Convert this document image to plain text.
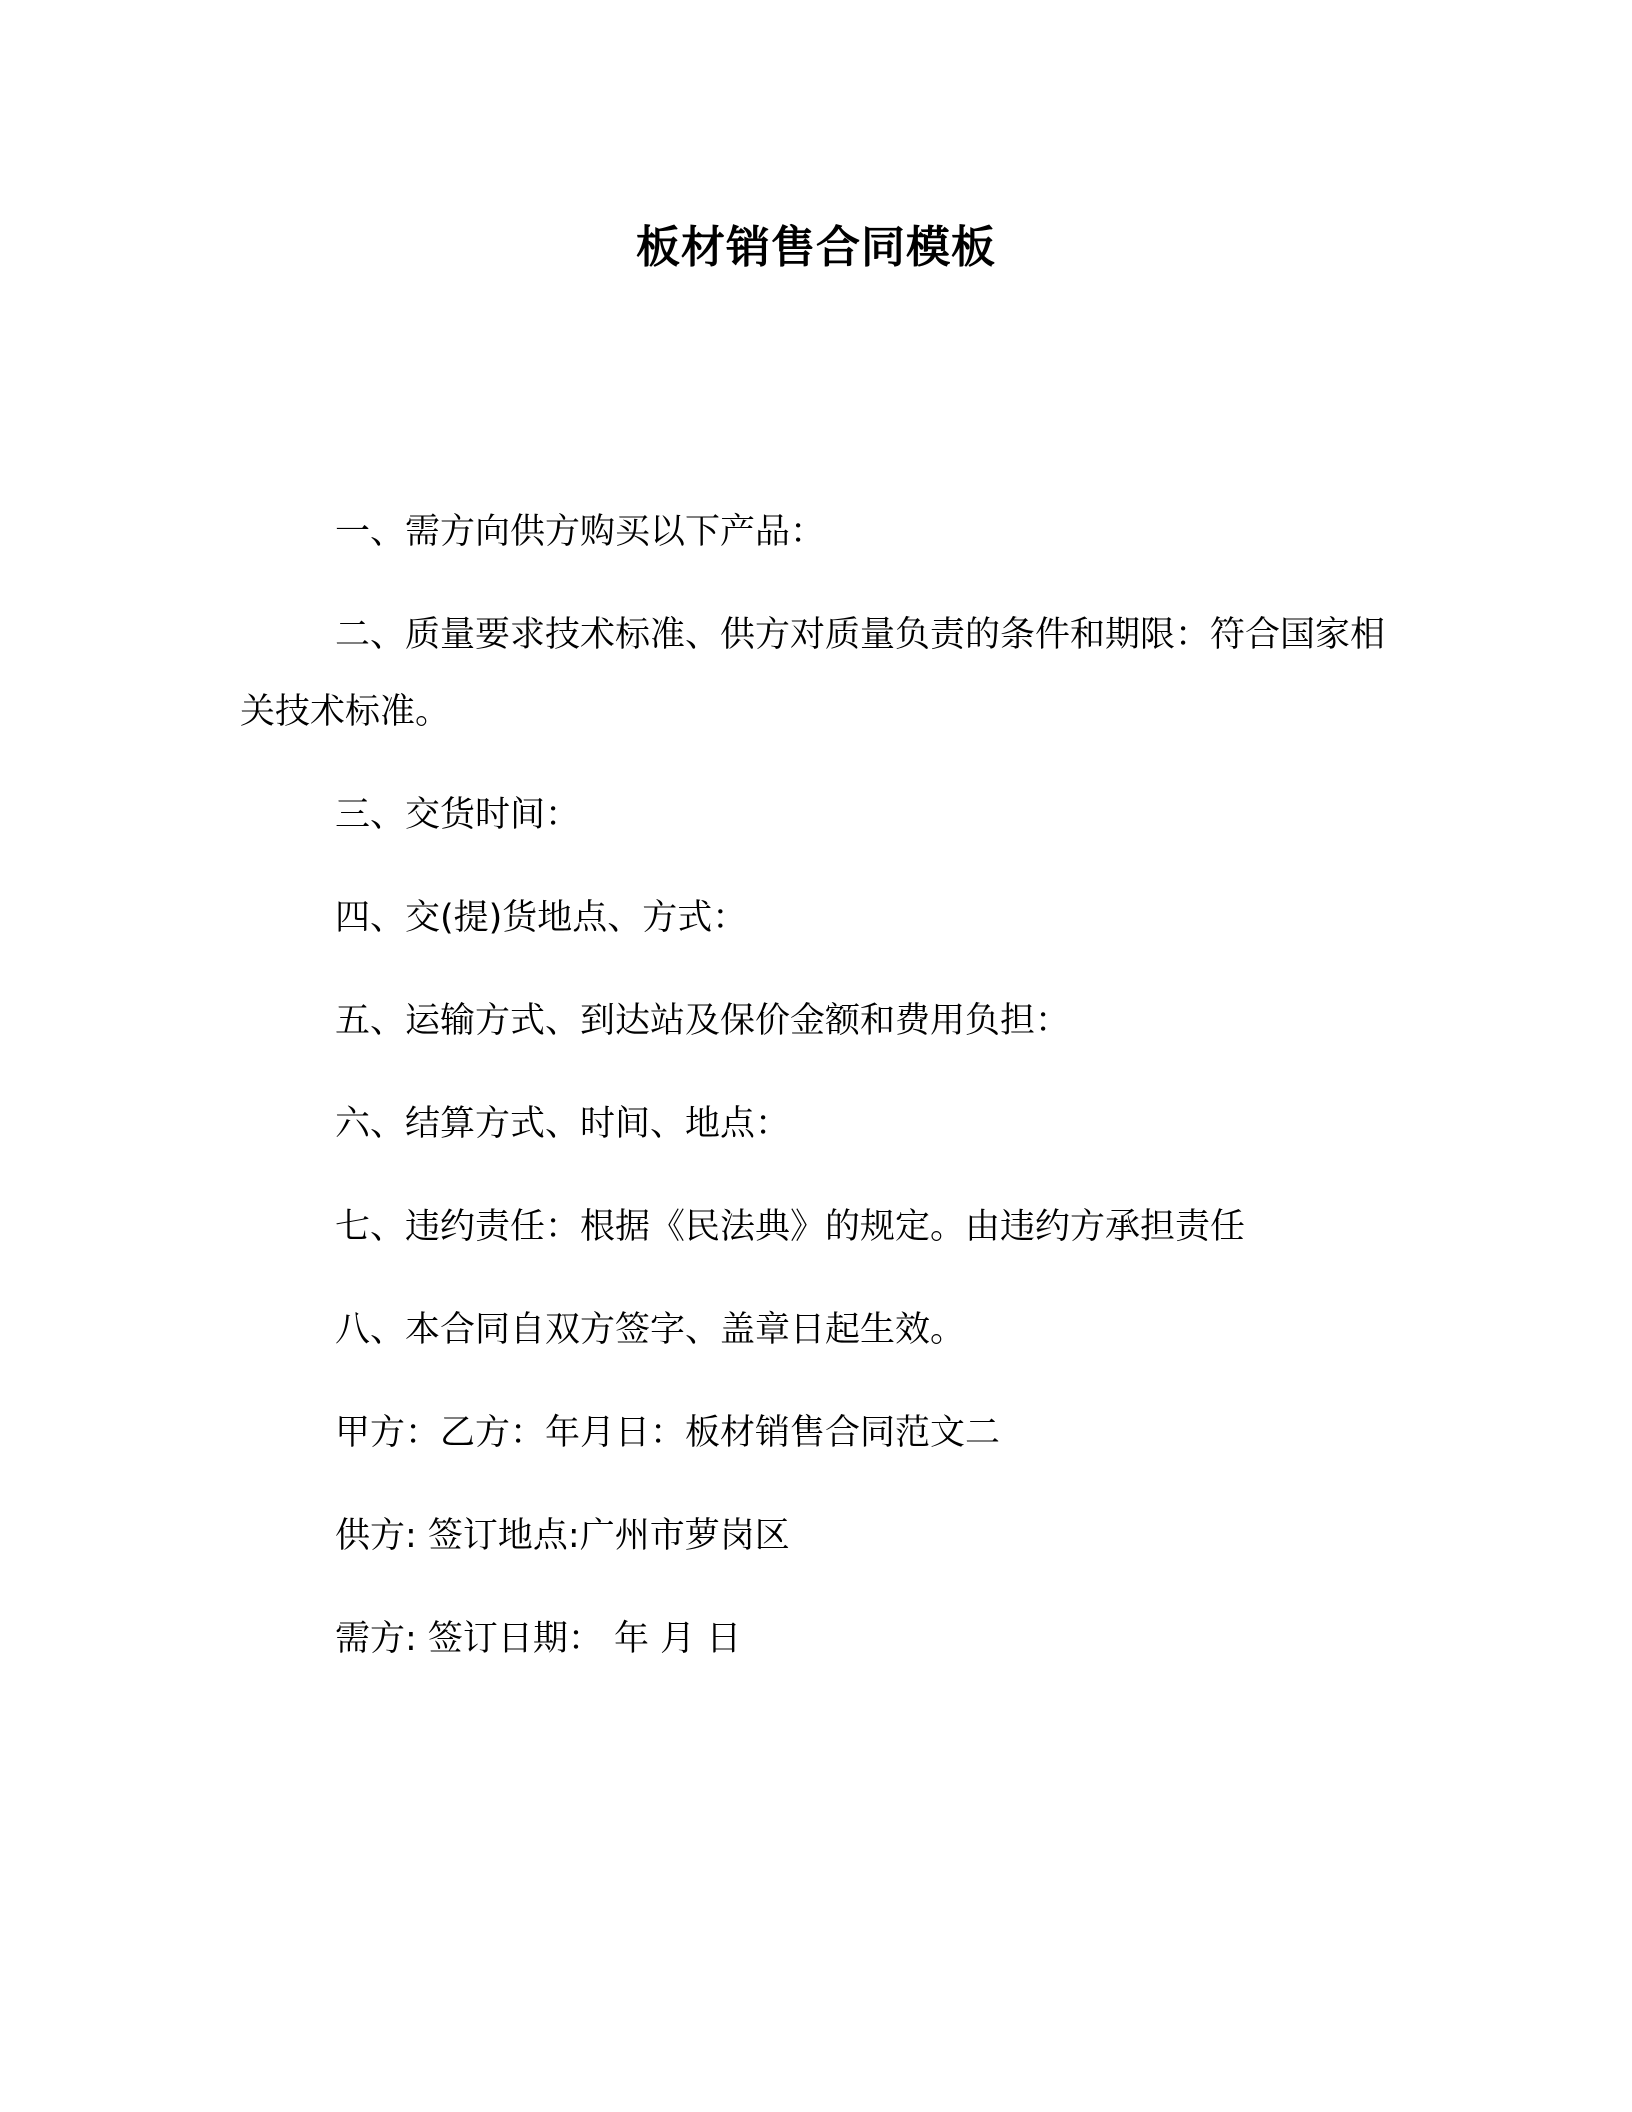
板材销售合同模板

一、需方向供方购买以下产品：

二、质量要求技术标准、供方对质量负责的条件和期限：符合国家相关技术标准。

三、交货时间：

四、交(提)货地点、方式：

五、运输方式、到达站及保价金额和费用负担：

六、结算方式、时间、地点：

七、违约责任：根据《民法典》的规定。由违约方承担责任

八、本合同自双方签字、盖章日起生效。

甲方：乙方：年月日：板材销售合同范文二

供方: 签订地点:广州市萝岗区

需方: 签订日期： 年 月 日
